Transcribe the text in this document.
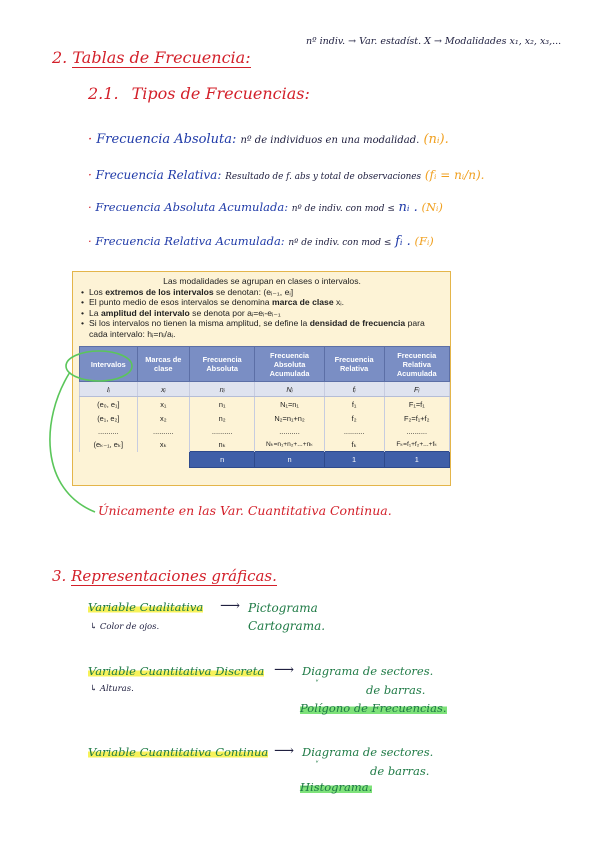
nº indiv. → Var. estadíst. X → Modalidades x₁, x₂, x₃,...
2. Tablas de Frecuencia:
2.1. Tipos de Frecuencias:
· Frecuencia Absoluta: nº de individuos en una modalidad. (nᵢ).
· Frecuencia Relativa: Resultado de f. abs y total de observaciones (fᵢ = nᵢ/n).
· Frecuencia Absoluta Acumulada: nº de indiv. con mod ≤ nᵢ . (Nᵢ)
· Frecuencia Relativa Acumulada: nº de indiv. con mod ≤ fᵢ . (Fᵢ)
Las modalidades se agrupan en clases o intervalos.
• Los extremos de los intervalos se denotan: (eᵢ₋₁, eᵢ]
• El punto medio de esos intervalos se denomina marca de clase xᵢ.
• La amplitud del intervalo se denota por aᵢ=eᵢ-eᵢ₋₁
• Si los intervalos no tienen la misma amplitud, se define la densidad de frecuencia para cada intervalo: hᵢ=nᵢ/aᵢ.
Intervalos	Marcas de clase	Frecuencia Absoluta	Frecuencia Absoluta Acumulada	Frecuencia Relativa	Frecuencia Relativa Acumulada
Iᵢ	xᵢ	nᵢ	Nᵢ	fᵢ	Fᵢ
(e₀, e₁]	x₁	n₁	N₁=n₁	f₁	F₁=f₁
(e₁, e₂]	x₂	n₂	N₂=n₁+n₂	f₂	F₂=f₁+f₂
..........	..........	..........	..........	..........	..........
(eₖ₋₁, eₖ]	xₖ	nₖ	Nₖ=n₁+n₂+...+nₖ	fₖ	Fₖ=f₁+f₂+...+fₖ
		n	n	1	1
Únicamente en las Var. Cuantitativa Continua.
3. Representaciones gráficas.
Variable Cualitativa ⟶ Pictograma
↳ Color de ojos.	Cartograma.
Variable Cuantitativa Discreta ⟶ Diagrama de sectores.
↳ Alturas.
˅	de barras.
Polígono de Frecuencias.
Variable Cuantitativa Continua ⟶ Diagrama de sectores.
˅	de barras.
Histograma.
